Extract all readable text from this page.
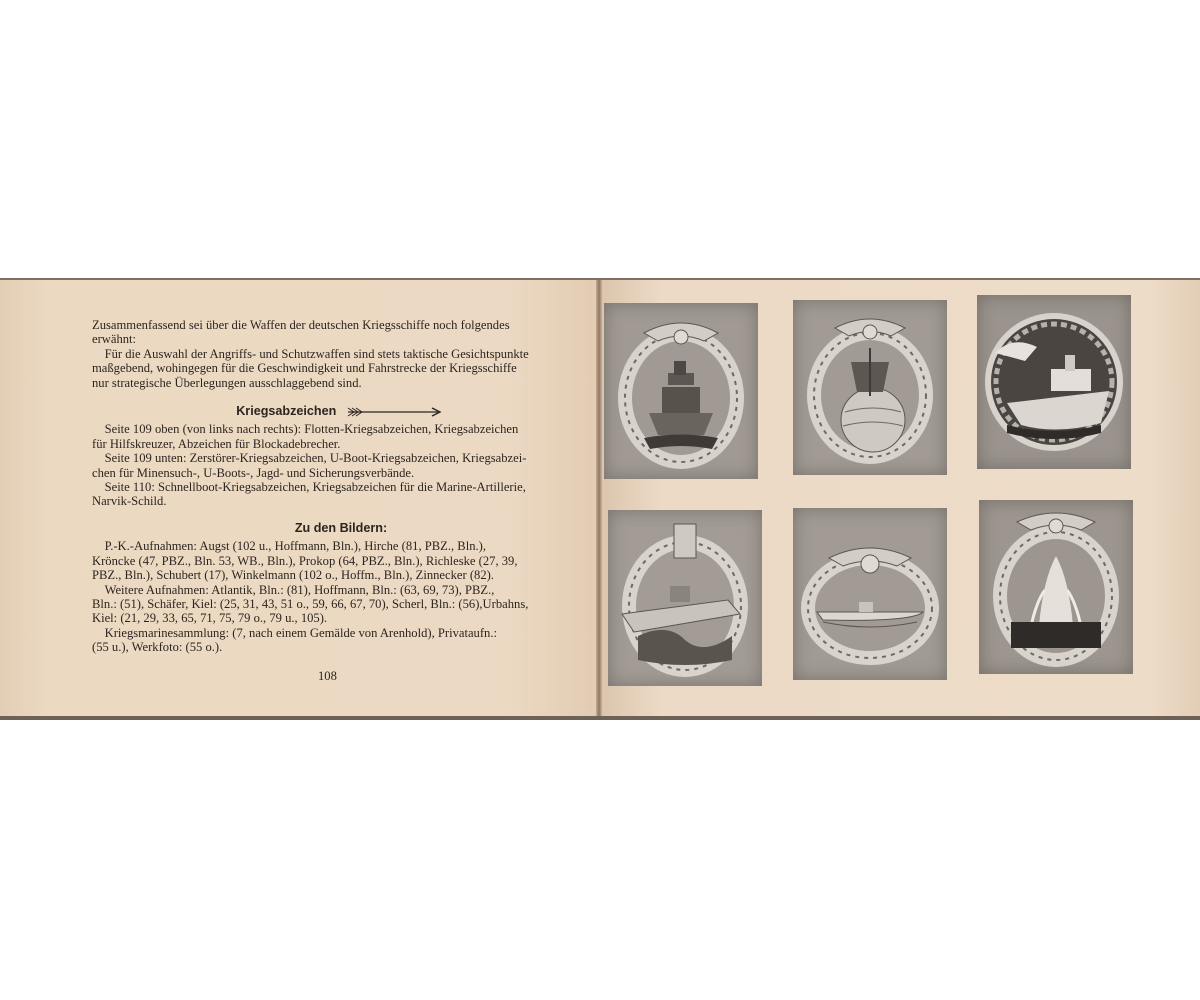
Zusammenfassend sei über die Waffen der deutschen Kriegsschiffe noch folgendes
erwähnt:

Für die Auswahl der Angriffs- und Schutzwaffen sind stets taktische Gesichtspunkte
maßgebend, wohingegen für die Geschwindigkeit und Fahrstrecke der Kriegsschiffe
nur strategische Überlegungen ausschlaggebend sind.

Kriegsabzeichen

Seite 109 oben (von links nach rechts): Flotten-Kriegsabzeichen, Kriegsabzeichen
für Hilfskreuzer, Abzeichen für Blockadebrecher.

Seite 109 unten: Zerstörer-Kriegsabzeichen, U-Boot-Kriegsabzeichen, Kriegsabzei-
chen für Minensuch-, U-Boots-, Jagd- und Sicherungsverbände.

Seite 110: Schnellboot-Kriegsabzeichen, Kriegsabzeichen für die Marine-Artillerie,
Narvik-Schild.

Zu den Bildern:

P.-K.-Aufnahmen: Augst (102 u., Hoffmann, Bln.), Hirche (81, PBZ., Bln.),
Kröncke (47, PBZ., Bln. 53, WB., Bln.), Prokop (64, PBZ., Bln.), Richleske (27, 39,
PBZ., Bln.), Schubert (17), Winkelmann (102 o., Hoffm., Bln.), Zinnecker (82).

Weitere Aufnahmen: Atlantik, Bln.: (81), Hoffmann, Bln.: (63, 69, 73), PBZ.,
Bln.: (51), Schäfer, Kiel: (25, 31, 43, 51 o., 59, 66, 67, 70), Scherl, Bln.: (56),Urbahns,
Kiel: (21, 29, 33, 65, 71, 75, 79 o., 79 u., 105).

Kriegsmarinesammlung: (7, nach einem Gemälde von Arenhold), Privataufn.:
(55 u.), Werkfoto: (55 o.).

108
